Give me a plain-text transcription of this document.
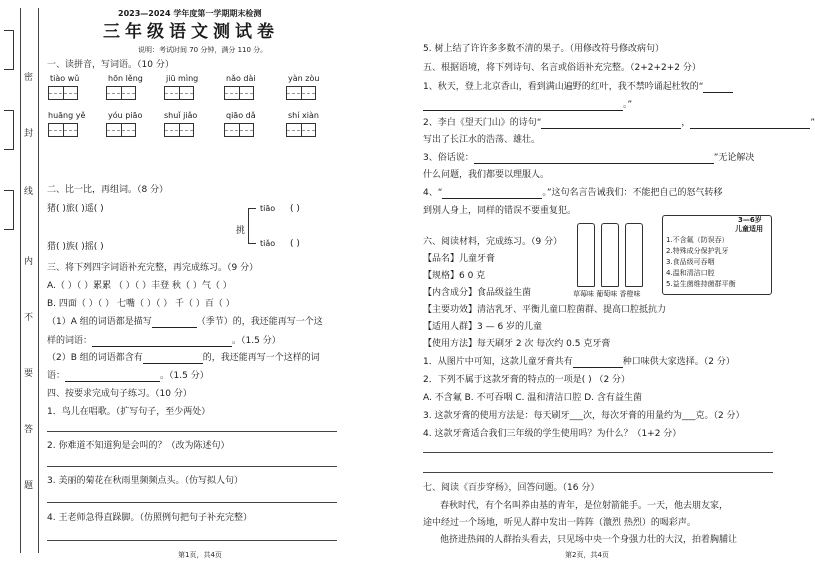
密
封
线
内
不
要
答
题
2023—2024 学年度第一学期期末检测
三年级语文测试卷
说明：考试时间 70 分钟，满分 110 分。
一、读拼音，写词语。（10 分）
tiào wǔ	hōn lěng	jiū mìng	nǎo dài	yàn zòu
huāng yě	yóu piāo	shuǐ jiǎo	qiāo dǎ	shí xiàn
二、比一比，再组词。（8 分）
猪( )旅( )遥( )
猎( )族( )摇( )
挑
tiāo ( )
tiǎo ( )
三、将下列四字词语补充完整，再完成练习。（9 分）
A.（ ）（ ）累累 （ ）（ ）丰登 秋（ ）气（ ）
B. 四面（ ）（ ） 七嘴（ ）（ ） 千（ ）百（ ）
（1）A 组的词语都是描写	（季节）的，我还能再写一个这
样的词语：	。（1.5 分）
（2）B 组的词语都含有	的，我还能再写一个这样的词
语：	。（1.5 分）
四、按要求完成句子练习。（10 分）
1．鸟儿在唱歌。（扩写句子，至少两处）
2. 你难道不知道狗是会叫的？（改为陈述句）
3. 美丽的菊花在秋雨里频频点头。（仿写拟人句）
4. 王老师急得直跺脚。（仿照例句把句子补充完整）
第1页，共4页
5. 树上结了许许多多数不清的果子。（用修改符号修改病句）
五、根据语境，将下列诗句、名言或俗语补充完整。（2+2+2+2 分）
1、秋天，登上北京香山，看到满山遍野的红叶，我不禁吟诵起杜牧的“
。”
2、李白《望天门山》的诗句“	，	”
写出了长江水的浩荡、雄壮。
3、俗话说：	”无论解决
什么问题，我们都要以理服人。
4、“	。”这句名言告诫我们：不能把自己的怒气转移
到别人身上，同样的错误不要重复犯。
六、阅读材料，完成练习。（9 分）
【品名】儿童牙膏
【规格】6 0 克
【内含成分】食品级益生菌
【主要功效】清洁乳牙、平衡儿童口腔菌群、提高口腔抵抗力
【适用人群】3 — 6 岁的儿童
【使用方法】每天刷牙 2 次 每次约 0.5 克牙膏
草莓味 葡萄味 香橙味
3—6岁
儿童适用
1.不含氟（防误吞）
2.特殊成分保护乳牙
3.食品级可吞咽
4.温和清洁口腔
5.益生菌维持菌群平衡
1．从图片中可知，这款儿童牙膏共有	种口味供大家选择。（2 分）
2．下列不属于这款牙膏的特点的一项是( ) （2 分）
A. 不含氟 B. 不可吞咽 C. 温和清洁口腔 D. 含有益生菌
3. 这款牙膏的使用方法是：每天刷牙___次，每次牙膏的用量约为___克。（2 分）
4. 这款牙膏适合我们三年级的学生使用吗？为什么？（1+2 分）
七、阅读《百步穿杨》，回答问题。（16 分）
春秋时代，有个名叫养由基的青年，是位射箭能手。一天，他去朋友家，
途中经过一个场地，听见人群中发出一阵阵（激烈 热烈）的喝彩声。
他挤进热闹的人群抬头看去，只见场中央一个身强力壮的大汉，拍着胸脯让
第2页，共4页
